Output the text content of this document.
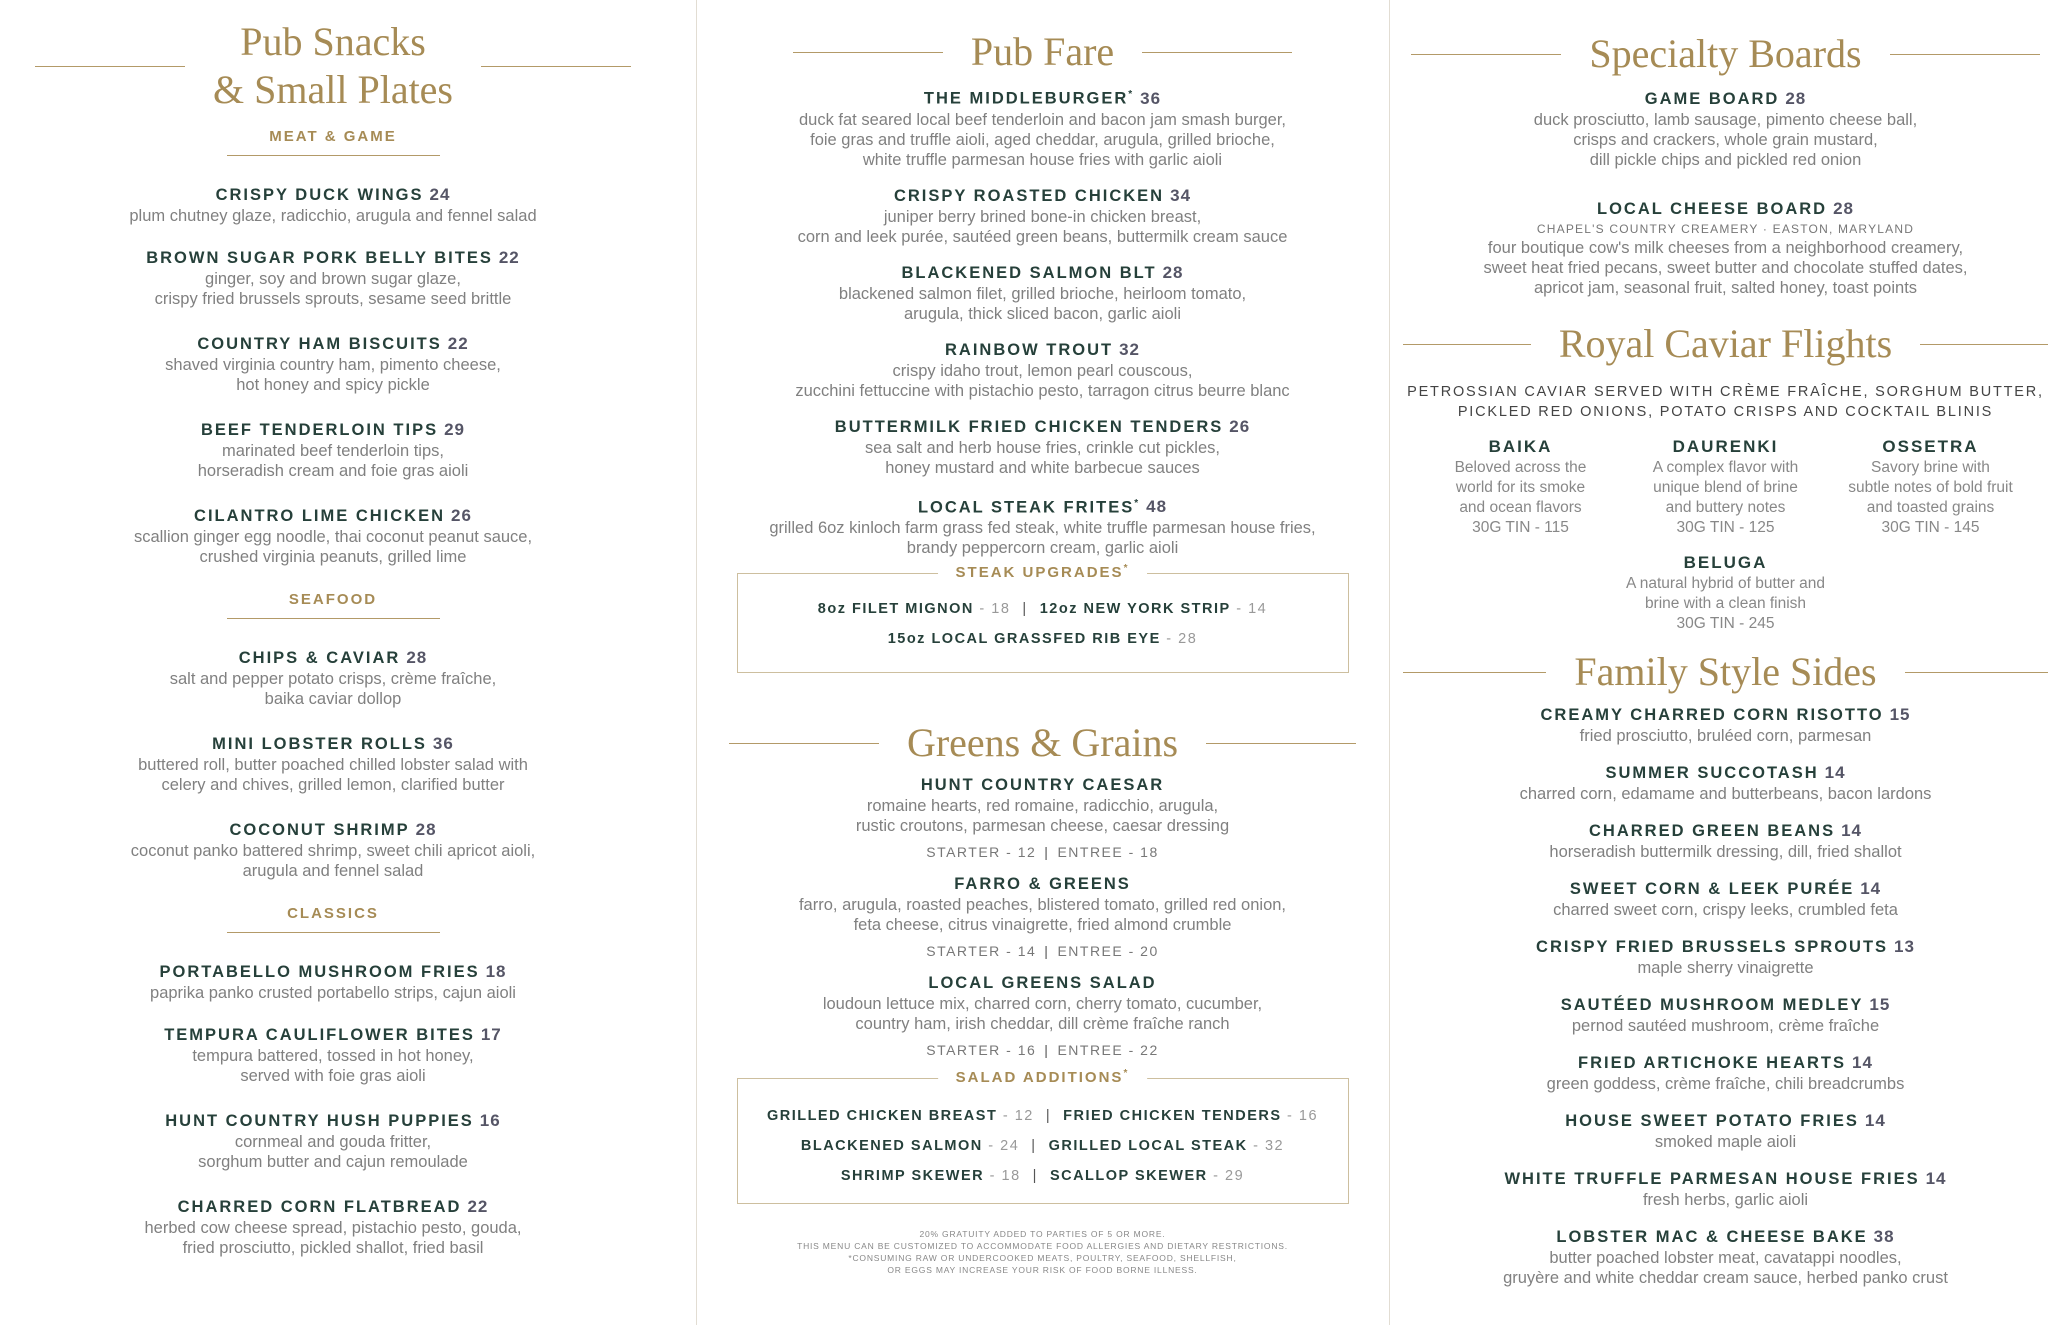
Pub Snacks
& Small Plates
MEAT & GAME
CRISPY DUCK WINGS 24
plum chutney glaze, radicchio, arugula and fennel salad
BROWN SUGAR PORK BELLY BITES 22
ginger, soy and brown sugar glaze,
crispy fried brussels sprouts, sesame seed brittle
COUNTRY HAM BISCUITS 22
shaved virginia country ham, pimento cheese,
hot honey and spicy pickle
BEEF TENDERLOIN TIPS 29
marinated beef tenderloin tips,
horseradish cream and foie gras aioli
CILANTRO LIME CHICKEN 26
scallion ginger egg noodle, thai coconut peanut sauce,
crushed virginia peanuts, grilled lime
SEAFOOD
CHIPS & CAVIAR 28
salt and pepper potato crisps, crème fraîche,
baika caviar dollop
MINI LOBSTER ROLLS 36
buttered roll, butter poached chilled lobster salad with
celery and chives, grilled lemon, clarified butter
COCONUT SHRIMP 28
coconut panko battered shrimp, sweet chili apricot aioli,
arugula and fennel salad
CLASSICS
PORTABELLO MUSHROOM FRIES 18
paprika panko crusted portabello strips, cajun aioli
TEMPURA CAULIFLOWER BITES 17
tempura battered, tossed in hot honey,
served with foie gras aioli
HUNT COUNTRY HUSH PUPPIES 16
cornmeal and gouda fritter,
sorghum butter and cajun remoulade
CHARRED CORN FLATBREAD 22
herbed cow cheese spread, pistachio pesto, gouda,
fried prosciutto, pickled shallot, fried basil
Pub Fare
THE MIDDLEBURGER* 36
duck fat seared local beef tenderloin and bacon jam smash burger,
foie gras and truffle aioli, aged cheddar, arugula, grilled brioche,
white truffle parmesan house fries with garlic aioli
CRISPY ROASTED CHICKEN 34
juniper berry brined bone-in chicken breast,
corn and leek purée, sautéed green beans, buttermilk cream sauce
BLACKENED SALMON BLT 28
blackened salmon filet, grilled brioche, heirloom tomato,
arugula, thick sliced bacon, garlic aioli
RAINBOW TROUT 32
crispy idaho trout, lemon pearl couscous,
zucchini fettuccine with pistachio pesto, tarragon citrus beurre blanc
BUTTERMILK FRIED CHICKEN TENDERS 26
sea salt and herb house fries, crinkle cut pickles,
honey mustard and white barbecue sauces
LOCAL STEAK FRITES* 48
grilled 6oz kinloch farm grass fed steak, white truffle parmesan house fries,
brandy peppercorn cream, garlic aioli
STEAK UPGRADES*
8oz FILET MIGNON - 18 | 12oz NEW YORK STRIP - 14
15oz LOCAL GRASSFED RIB EYE - 28
Greens & Grains
HUNT COUNTRY CAESAR
romaine hearts, red romaine, radicchio, arugula,
rustic croutons, parmesan cheese, caesar dressing
STARTER - 12 | ENTREE - 18
FARRO & GREENS
farro, arugula, roasted peaches, blistered tomato, grilled red onion,
feta cheese, citrus vinaigrette, fried almond crumble
STARTER - 14 | ENTREE - 20
LOCAL GREENS SALAD
loudoun lettuce mix, charred corn, cherry tomato, cucumber,
country ham, irish cheddar, dill crème fraîche ranch
STARTER - 16 | ENTREE - 22
SALAD ADDITIONS*
GRILLED CHICKEN BREAST - 12 | FRIED CHICKEN TENDERS - 16
BLACKENED SALMON - 24 | GRILLED LOCAL STEAK - 32
SHRIMP SKEWER - 18 | SCALLOP SKEWER - 29
20% GRATUITY ADDED TO PARTIES OF 5 OR MORE.
THIS MENU CAN BE CUSTOMIZED TO ACCOMMODATE FOOD ALLERGIES AND DIETARY RESTRICTIONS.
*CONSUMING RAW OR UNDERCOOKED MEATS, POULTRY, SEAFOOD, SHELLFISH,
OR EGGS MAY INCREASE YOUR RISK OF FOOD BORNE ILLNESS.
Specialty Boards
GAME BOARD 28
duck prosciutto, lamb sausage, pimento cheese ball,
crisps and crackers, whole grain mustard,
dill pickle chips and pickled red onion
LOCAL CHEESE BOARD 28
CHAPEL'S COUNTRY CREAMERY · EASTON, MARYLAND
four boutique cow's milk cheeses from a neighborhood creamery,
sweet heat fried pecans, sweet butter and chocolate stuffed dates,
apricot jam, seasonal fruit, salted honey, toast points
Royal Caviar Flights
PETROSSIAN CAVIAR SERVED WITH CRÈME FRAÎCHE, SORGHUM BUTTER,
PICKLED RED ONIONS, POTATO CRISPS AND COCKTAIL BLINIS
BAIKA
Beloved across the
world for its smoke
and ocean flavors
30G TIN - 115
DAURENKI
A complex flavor with
unique blend of brine
and buttery notes
30G TIN - 125
OSSETRA
Savory brine with
subtle notes of bold fruit
and toasted grains
30G TIN - 145
BELUGA
A natural hybrid of butter and
brine with a clean finish
30G TIN - 245
Family Style Sides
CREAMY CHARRED CORN RISOTTO 15
fried prosciutto, bruléed corn, parmesan
SUMMER SUCCOTASH 14
charred corn, edamame and butterbeans, bacon lardons
CHARRED GREEN BEANS 14
horseradish buttermilk dressing, dill, fried shallot
SWEET CORN & LEEK PURÉE 14
charred sweet corn, crispy leeks, crumbled feta
CRISPY FRIED BRUSSELS SPROUTS 13
maple sherry vinaigrette
SAUTÉED MUSHROOM MEDLEY 15
pernod sautéed mushroom, crème fraîche
FRIED ARTICHOKE HEARTS 14
green goddess, crème fraîche, chili breadcrumbs
HOUSE SWEET POTATO FRIES 14
smoked maple aioli
WHITE TRUFFLE PARMESAN HOUSE FRIES 14
fresh herbs, garlic aioli
LOBSTER MAC & CHEESE BAKE 38
butter poached lobster meat, cavatappi noodles,
gruyère and white cheddar cream sauce, herbed panko crust
